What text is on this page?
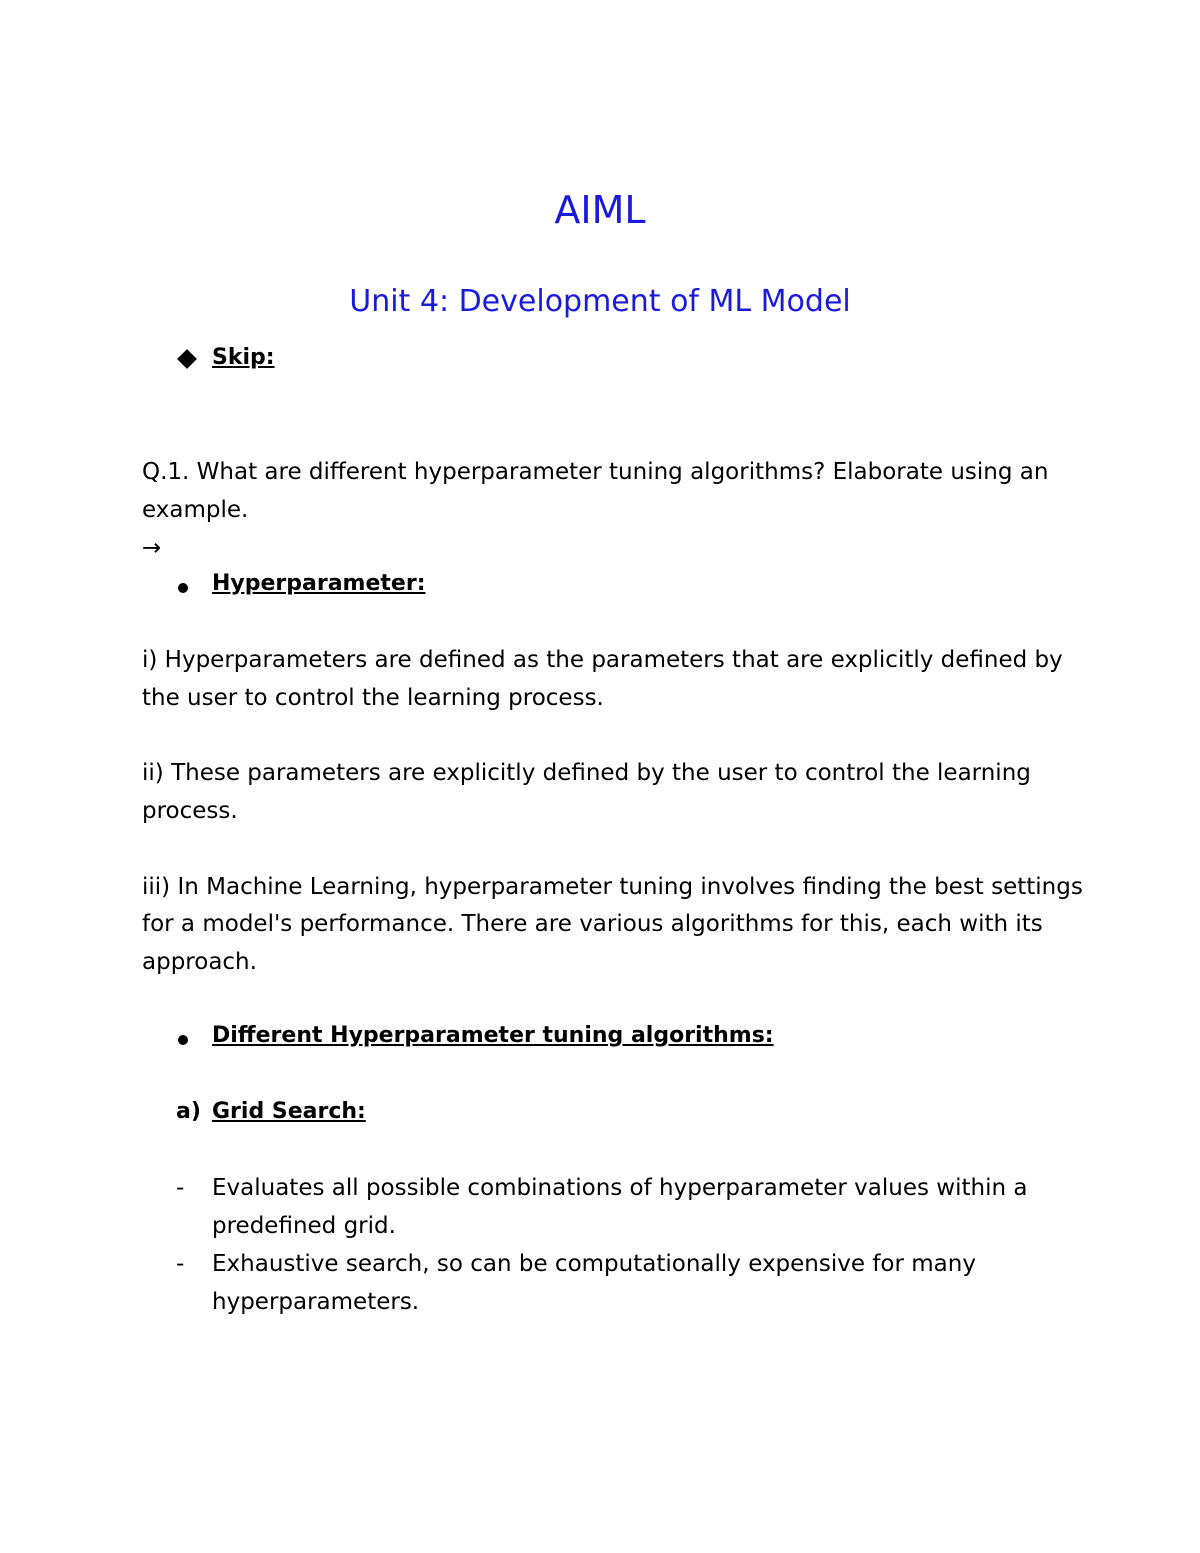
AIML
Unit 4: Development of ML Model
Skip:
Q.1. What are different hyperparameter tuning algorithms? Elaborate using an
example.
→
Hyperparameter:
i) Hyperparameters are defined as the parameters that are explicitly defined by
the user to control the learning process.
ii) These parameters are explicitly defined by the user to control the learning
process.
iii) In Machine Learning, hyperparameter tuning involves finding the best settings
for a model's performance. There are various algorithms for this, each with its
approach.
Different Hyperparameter tuning algorithms:
a) Grid Search:
- Evaluates all possible combinations of hyperparameter values within a
predefined grid.
- Exhaustive search, so can be computationally expensive for many
hyperparameters.
